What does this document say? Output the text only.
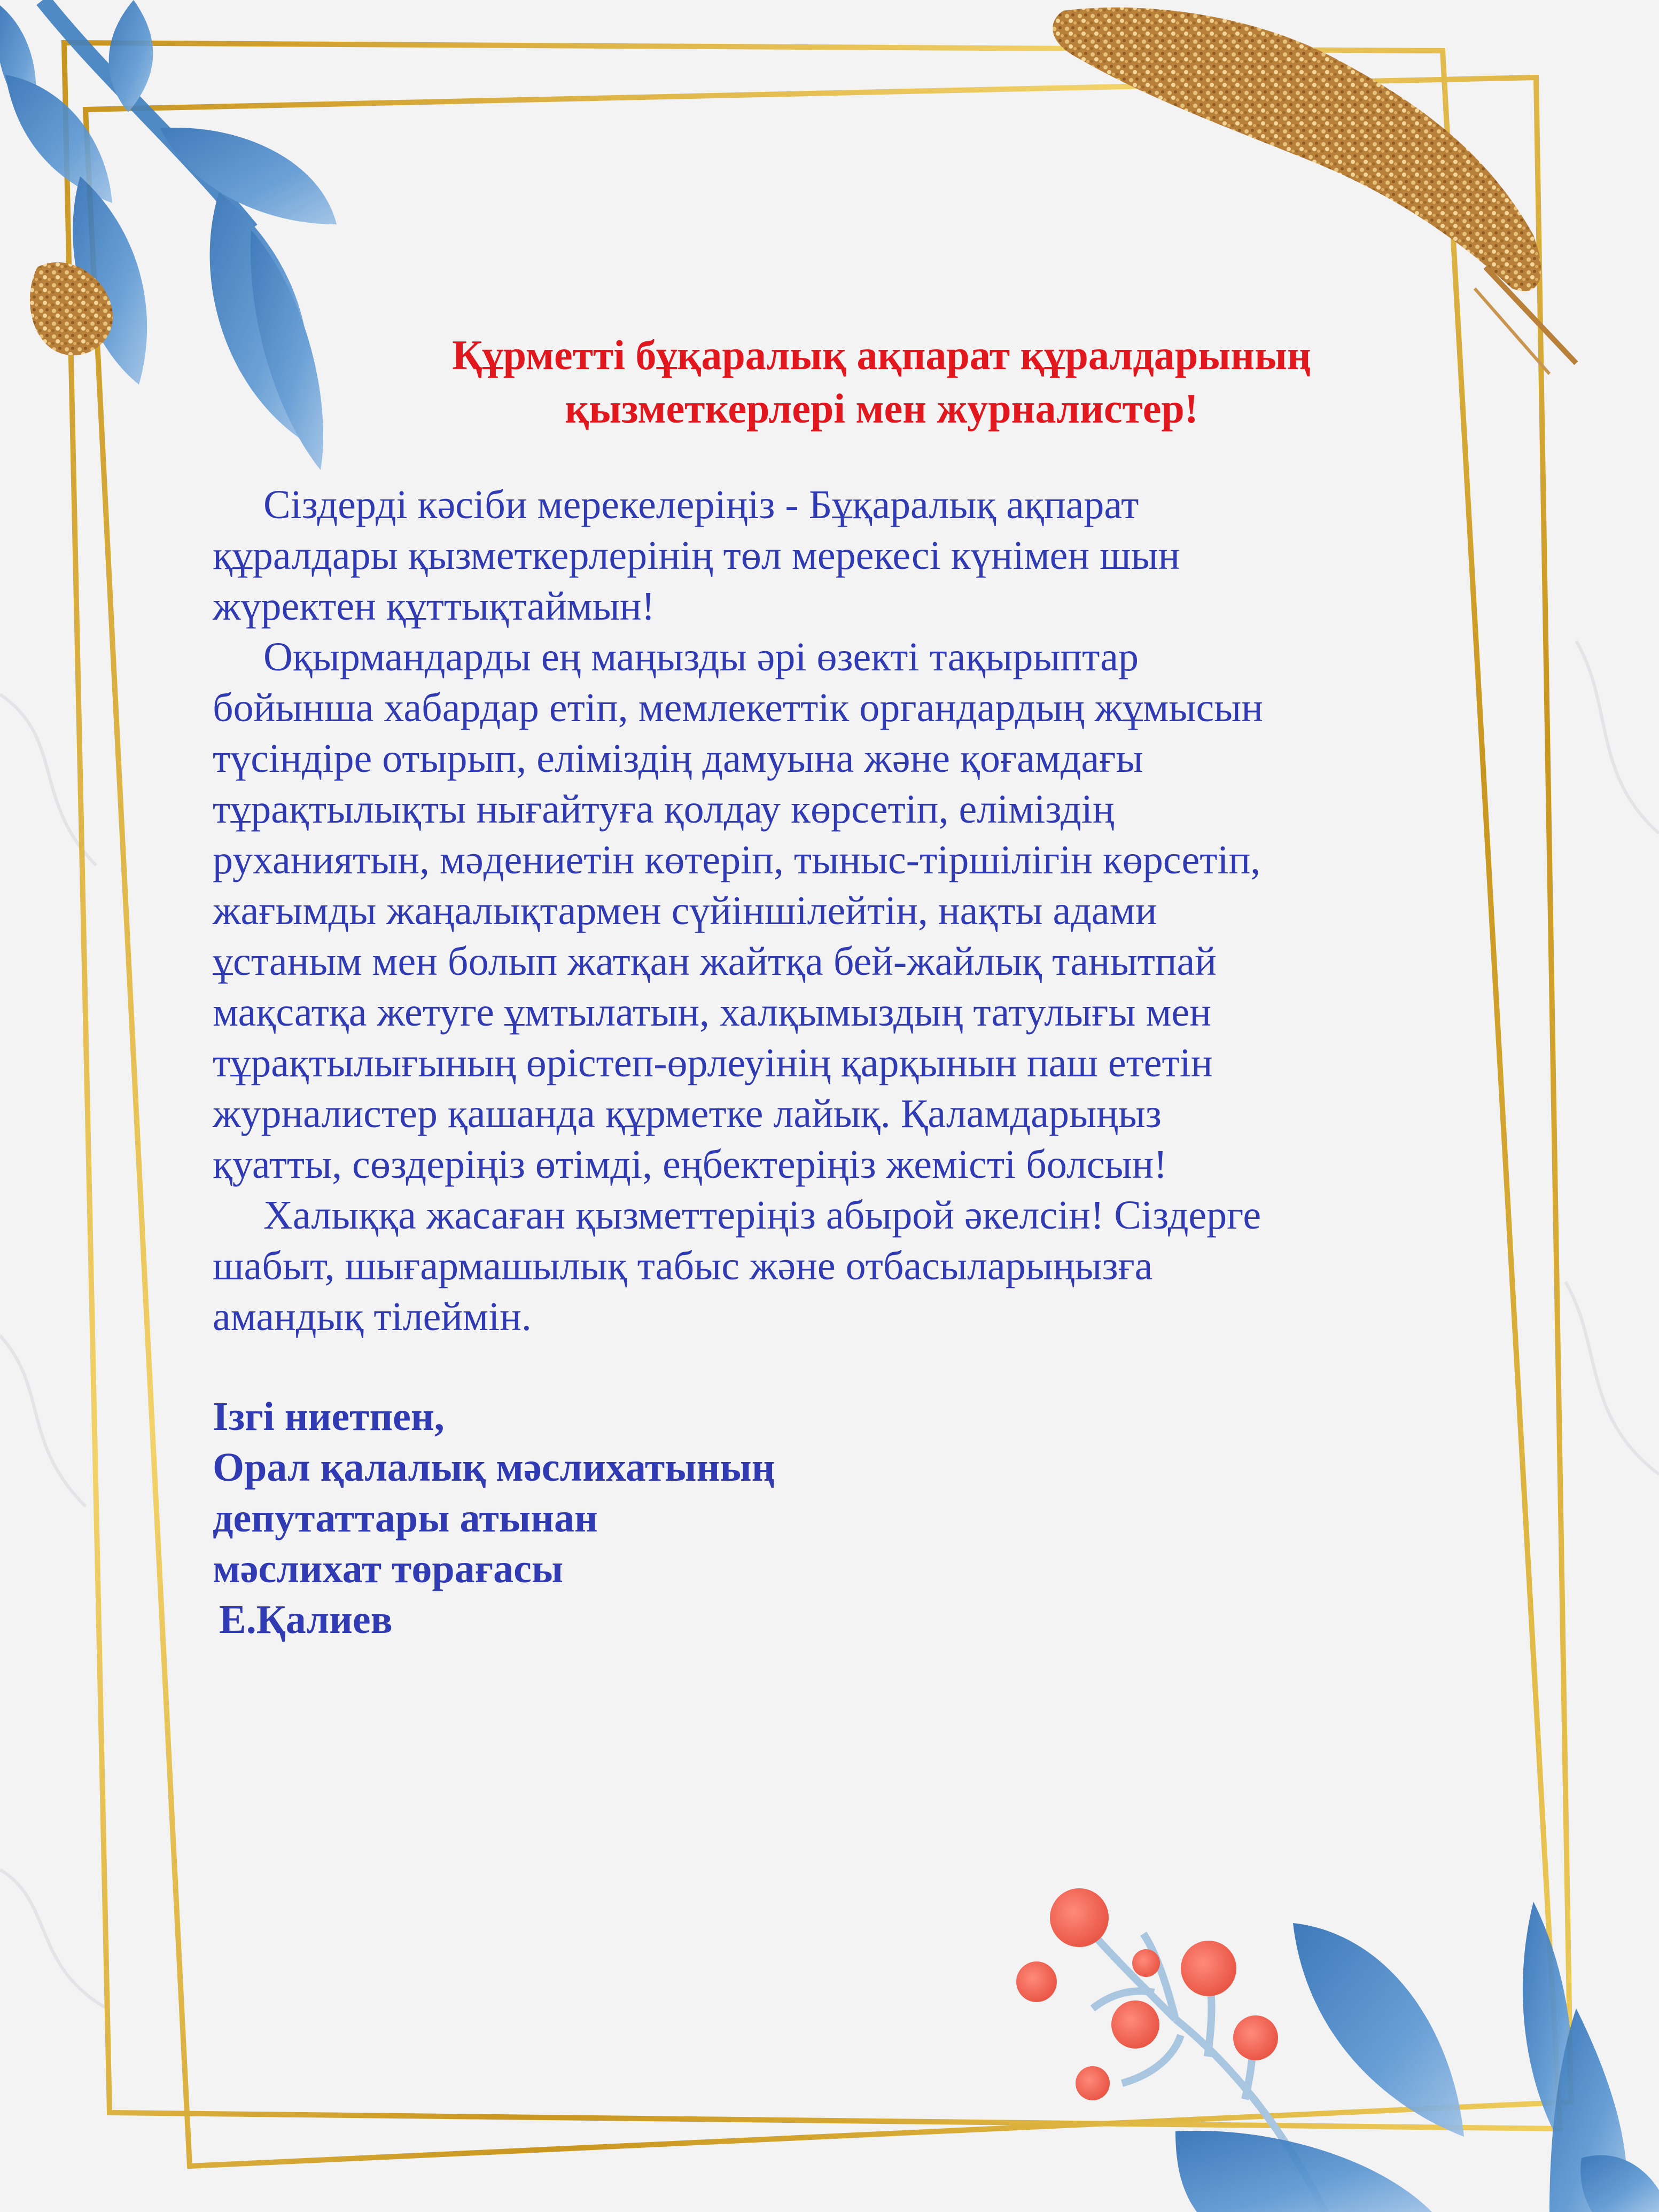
Құрметті бұқаралық ақпарат құралдарының
қызметкерлері мен журналистер!
Сіздерді кәсіби мерекелеріңіз - Бұқаралық ақпарат
құралдары қызметкерлерінің төл мерекесі күнімен шын
жүректен құттықтаймын!
Оқырмандарды ең маңызды әрі өзекті тақырыптар
бойынша хабардар етіп, мемлекеттік органдардың жұмысын
түсіндіре отырып, еліміздің дамуына және қоғамдағы
тұрақтылықты нығайтуға қолдау көрсетіп, еліміздің
руханиятын, мәдениетін көтеріп, тыныс-тіршілігін көрсетіп,
жағымды жаңалықтармен сүйіншілейтін, нақты адами
ұстаным мен болып жатқан жайтқа бей-жайлық танытпай
мақсатқа жетуге ұмтылатын, халқымыздың татулығы мен
тұрақтылығының өрістеп-өрлеуінің қарқынын паш ететін
журналистер қашанда құрметке лайық. Қаламдарыңыз
қуатты, сөздеріңіз өтімді, еңбектеріңіз жемісті болсын!
Халыққа жасаған қызметтеріңіз абырой әкелсін! Сіздерге
шабыт, шығармашылық табыс және отбасыларыңызға
амандық тілеймін.
Ізгі ниетпен,
Орал қалалық мәслихатының
депутаттары атынан
мәслихат төрағасы
Е.Қалиев
